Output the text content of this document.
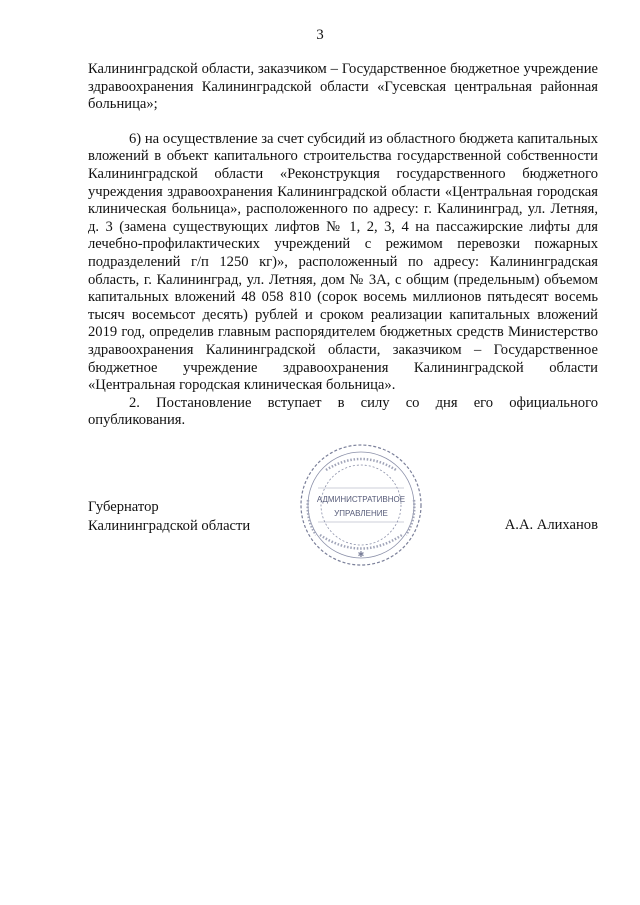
3

Калининградской области, заказчиком – Государственное бюджетное учреждение здравоохранения Калининградской области «Гусевская центральная районная больница»;

6) на осуществление за счет субсидий из областного бюджета капитальных вложений в объект капитального строительства государственной собственности Калининградской области «Реконструкция государственного бюджетного учреждения здравоохранения Калининградской области «Центральная городская клиническая больница», расположенного по адресу: г. Калининград, ул. Летняя, д. 3 (замена существующих лифтов № 1, 2, 3, 4 на пассажирские лифты для лечебно-профилактических учреждений с режимом перевозки пожарных подразделений г/п 1250 кг)», расположенный по адресу: Калининградская область, г. Калининград, ул. Летняя, дом № 3А, с общим (предельным) объемом капитальных вложений 48 058 810 (сорок восемь миллионов пятьдесят восемь тысяч восемьсот десять) рублей и сроком реализации капитальных вложений 2019 год, определив главным распорядителем бюджетных средств Министерство здравоохранения Калининградской области, заказчиком – Государственное бюджетное учреждение здравоохранения Калининградской области «Центральная городская клиническая больница».

2. Постановление вступает в силу со дня его официального опубликования.

Губернатор
Калининградской области
АДМИНИСТРАТИВНОЕ
УПРАВЛЕНИЕ
✱
А.А. Алиханов
